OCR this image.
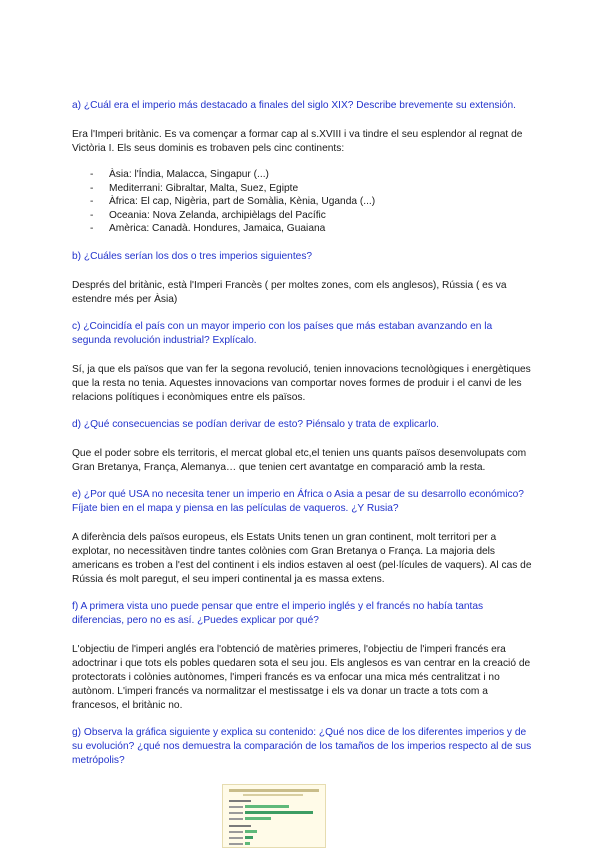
a) ¿Cuál era el imperio más destacado a finales del siglo XIX? Describe brevemente su extensión.

Era l'Imperi britànic. Es va començar a formar cap al s.XVIII i va tindre el seu esplendor al regnat de Victòria I. Els seus dominis es trobaven pels cinc continents:

-	Àsia: l'Índia, Malacca, Singapur (...)
-	Mediterrani: Gibraltar, Malta, Suez, Egipte
-	Àfrica: El cap, Nigèria, part de Somàlia, Kènia, Uganda (...)
-	Oceania: Nova Zelanda, archipièlags del Pacífic
-	Amèrica: Canadà. Hondures, Jamaica, Guaiana

b) ¿Cuáles serían los dos o tres imperios siguientes?

Després del britànic, està l'Imperi Francès ( per moltes zones, com els anglesos), Rússia ( es va estendre més per Àsia)

c) ¿Coincidía el país con un mayor imperio con los países que más estaban avanzando en la segunda revolución industrial? Explícalo.

Sí, ja que els països que van fer la segona revolució, tenien innovacions tecnològiques i energètiques que la resta no tenia. Aquestes innovacions van comportar noves formes de produir i el canvi de les relacions polítiques i econòmiques entre els països.

d) ¿Qué consecuencias se podían derivar de esto? Piénsalo y trata de explicarlo.

Que el poder sobre els territoris, el mercat global etc,el tenien uns quants països desenvolupats com Gran Bretanya, França, Alemanya… que tenien cert avantatge en comparació amb la resta.

e) ¿Por qué USA no necesita tener un imperio en África o Asia a pesar de su desarrollo económico? Fíjate bien en el mapa y piensa en las películas de vaqueros. ¿Y Rusia?

A diferència dels països europeus, els Estats Units tenen un gran continent, molt territori per a explotar, no necessitàven tindre tantes colònies com Gran Bretanya o França. La majoria dels americans es troben a l'est del continent i els indios estaven al oest (pel·lícules de vaquers). Al cas de Rússia és molt paregut, el seu imperi continental ja es massa extens.

f) A primera vista uno puede pensar que entre el imperio inglés y el francés no había tantas diferencias, pero no es así. ¿Puedes explicar por qué?

L'objectiu de l'imperi anglés era l'obtenció de matèries primeres, l'objectiu de l'imperi francés era adoctrinar i que tots els pobles quedaren sota el seu jou. Els anglesos es van centrar en la creació de protectorats i colònies autònomes, l'imperi francés es va enfocar una mica més centralitzat i no autònom. L'imperi francés va normalitzar el mestissatge i els va donar un tracte a tots com a francesos, el britànic no.

g) Observa la gráfica siguiente y explica su contenido: ¿Qué nos dice de los diferentes imperios y de su evolución? ¿qué nos demuestra la comparación de los tamaños de los imperios respecto al de sus metrópolis?
